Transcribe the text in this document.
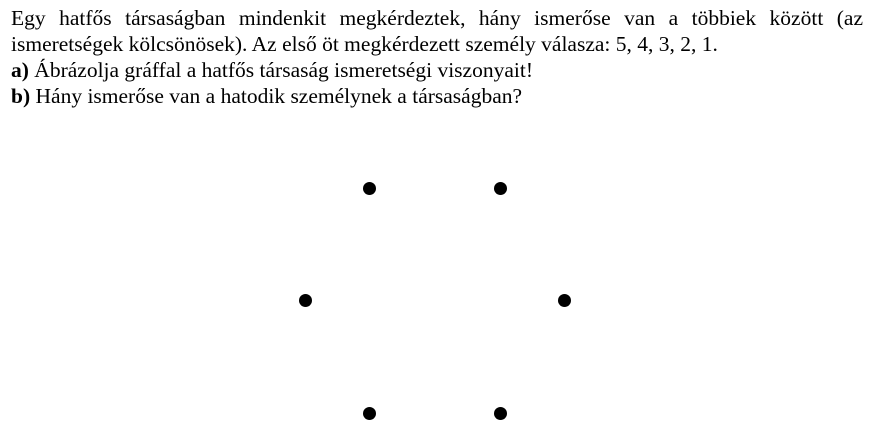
Egy hatfős társaságban mindenkit megkérdeztek, hány ismerőse van a többiek között (az ismeretségek kölcsönösek). Az első öt megkérdezett személy válasza: 5, 4, 3, 2, 1.

a) Ábrázolja gráffal a hatfős társaság ismeretségi viszonyait!

b) Hány ismerőse van a hatodik személynek a társaságban?
